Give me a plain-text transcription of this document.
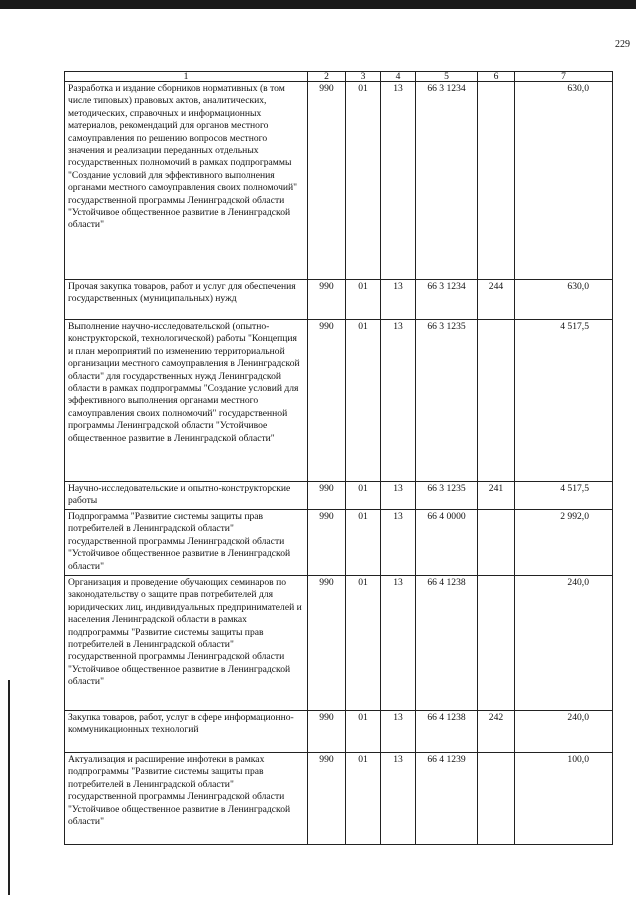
229
1	2	3	4	5	6	7
Разработка и издание сборников нормативных (в том числе типовых) правовых актов, аналитических, методических, справочных и информационных материалов, рекомендаций для органов местного самоуправления по решению вопросов местного значения и реализации переданных отдельных государственных полномочий в рамках подпрограммы "Создание условий для эффективного выполнения органами местного самоуправления своих полномочий" государственной программы Ленинградской области "Устойчивое общественное развитие в Ленинградской области"	990	01	13	66 3 1234		630,0
Прочая закупка товаров, работ и услуг для обеспечения государственных (муниципальных) нужд	990	01	13	66 3 1234	244	630,0
Выполнение научно-исследовательской (опытно-конструкторской, технологической) работы "Концепция и план мероприятий по изменению территориальной организации местного самоуправления в Ленинградской области" для государственных нужд Ленинградской области в рамках подпрограммы "Создание условий для эффективного выполнения органами местного самоуправления своих полномочий" государственной программы Ленинградской области "Устойчивое общественное развитие в Ленинградской области"	990	01	13	66 3 1235		4 517,5
Научно-исследовательские и опытно-конструкторские работы	990	01	13	66 3 1235	241	4 517,5
Подпрограмма "Развитие системы защиты прав потребителей в Ленинградской области" государственной программы Ленинградской области "Устойчивое общественное развитие в Ленинградской области"	990	01	13	66 4 0000		2 992,0
Организация и проведение обучающих семинаров по законодательству о защите прав потребителей для юридических лиц, индивидуальных предпринимателей и населения Ленинградской области в рамках подпрограммы "Развитие системы защиты прав потребителей в Ленинградской области" государственной программы Ленинградской области "Устойчивое общественное развитие в Ленинградской области"	990	01	13	66 4 1238		240,0
Закупка товаров, работ, услуг в сфере информационно-коммуникационных технологий	990	01	13	66 4 1238	242	240,0
Актуализация и расширение инфотеки в рамках подпрограммы "Развитие системы защиты прав потребителей в Ленинградской области" государственной программы Ленинградской области "Устойчивое общественное развитие в Ленинградской области"	990	01	13	66 4 1239		100,0
